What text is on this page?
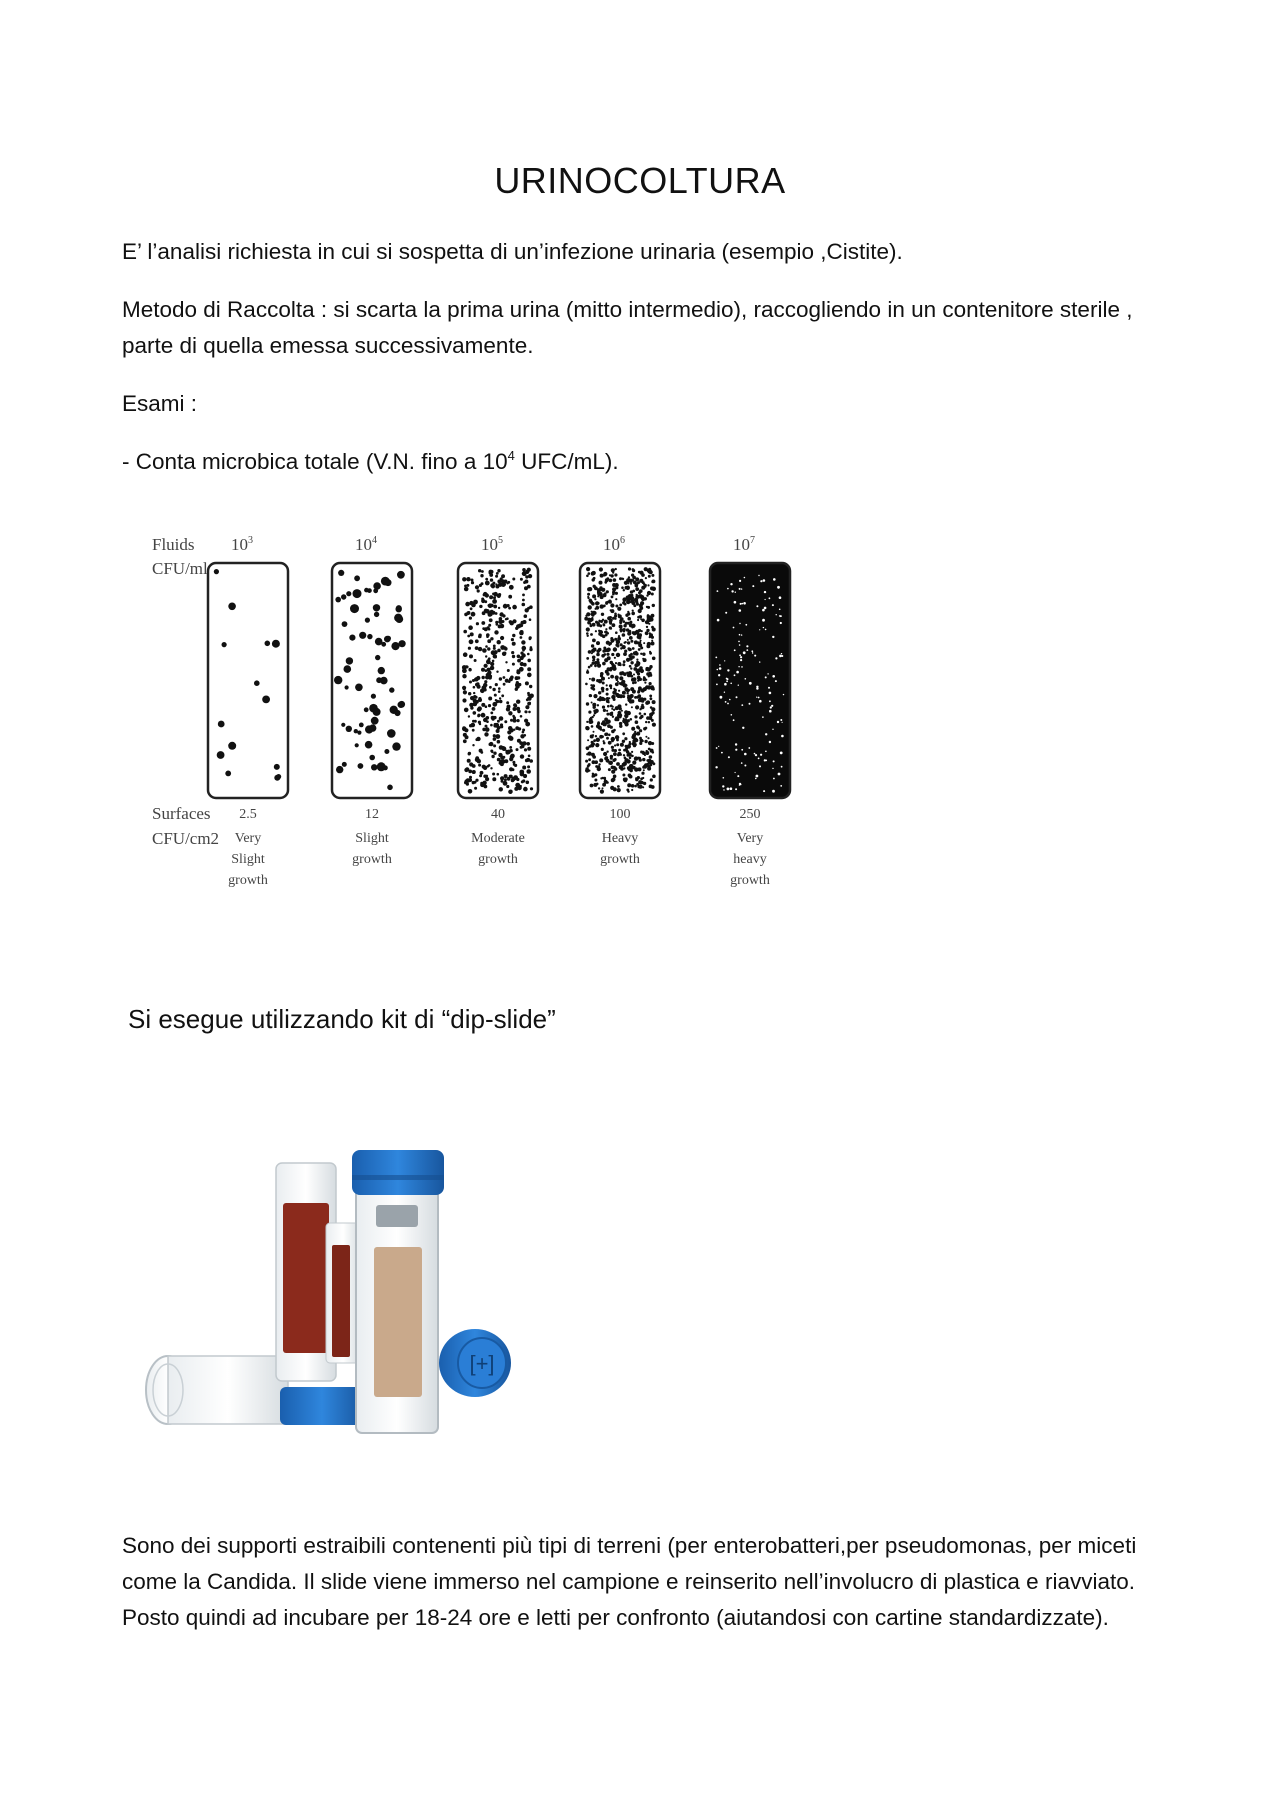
URINOCOLTURA

E’ l’analisi richiesta in cui si sospetta di un’infezione urinaria (esempio ,Cistite).

Metodo di Raccolta : si scarta la prima urina (mitto intermedio), raccogliendo in un contenitore sterile , parte di quella emessa successivamente.

Esami :

- Conta microbica totale (V.N. fino a $10^4$ UFC/mL).

Fluids
CFU/ml
Surfaces
CFU/cm2
$10^3$
2.5
Very
Slight
growth
$10^4$
12
Slight
growth
$10^5$
40
Moderate
growth
$10^6$
100
Heavy
growth
$10^7$
250
Very
heavy
growth
Si esegue utilizzando kit di “dip-slide”
[+]

Sono dei supporti estraibili contenenti più tipi di terreni (per enterobatteri,per pseudomonas, per miceti come la Candida. Il slide viene immerso nel campione e reinserito nell’involucro di plastica e riavviato. Posto quindi ad incubare per 18-24 ore e letti per confronto (aiutandosi con cartine standardizzate).
